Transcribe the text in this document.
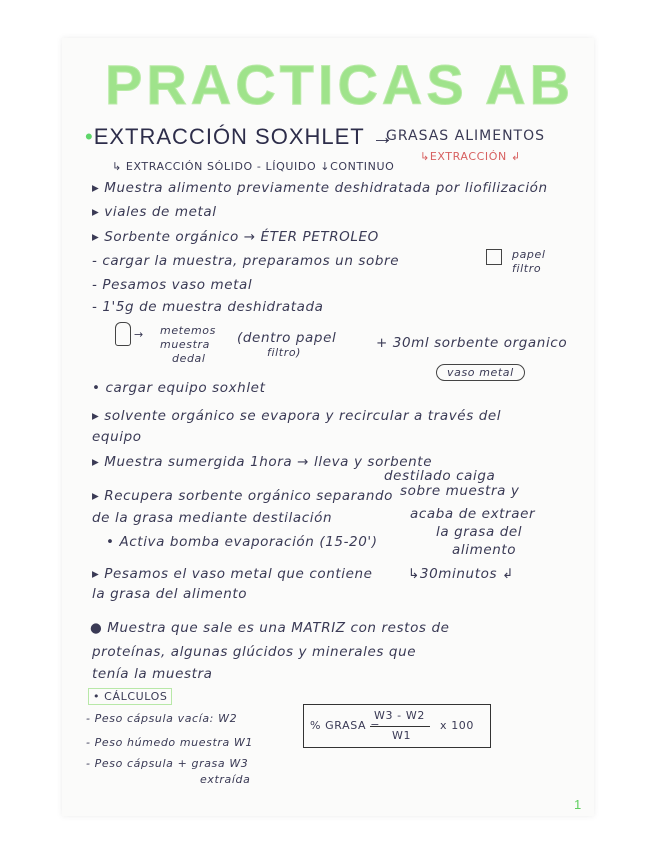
PRACTICAS AB
•EXTRACCIÓN SOXHLET →
GRASAS ALIMENTOS
↳EXTRACCIÓN ↲
↳ EXTRACCIÓN SÓLIDO - LÍQUIDO ↓CONTINUO
▸ Muestra alimento previamente deshidratada por liofilización
▸ viales de metal
▸ Sorbente orgánico → ÉTER PETROLEO
- cargar la muestra, preparamos un sobre	papel
filtro
- Pesamos vaso metal
- 1'5g de muestra deshidratada
→ metemos
muestra
dedal
(dentro papel
filtro)
+ 30ml sorbente organico
vaso metal
• cargar equipo soxhlet
▸ solvente orgánico se evapora y recircular a través del
equipo
▸ Muestra sumergida 1hora → lleva y sorbente
destilado caiga
▸ Recupera sorbente orgánico separando sobre muestra y
de la grasa mediante destilación	acaba de extraer
• Activa bomba evaporación (15-20')
la grasa del
alimento
▸ Pesamos el vaso metal que contiene	↳30minutos ↲
la grasa del alimento
● Muestra que sale es una MATRIZ con restos de
proteínas, algunas glúcidos y minerales que
tenía la muestra
• CÁLCULOS
- Peso cápsula vacía: W2
- Peso húmedo muestra W1
- Peso cápsula + grasa W3
extraída
% GRASA =
W3 - W2
W1
x 100
1
